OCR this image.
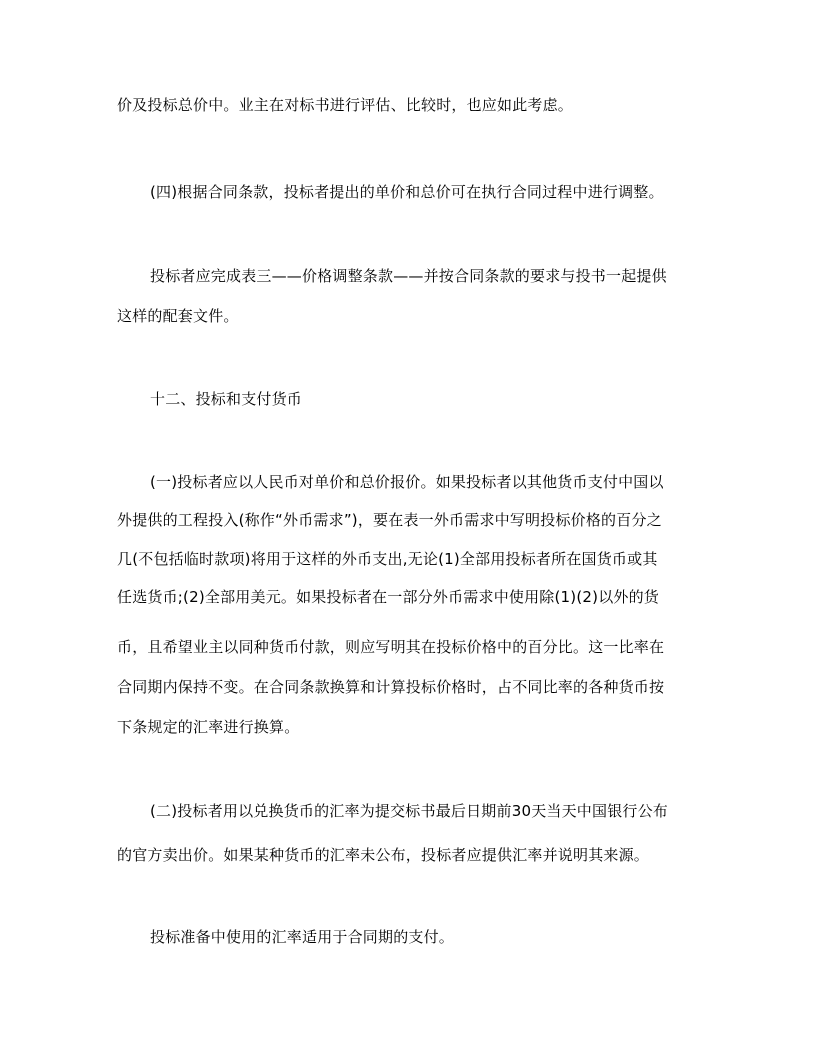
价及投标总价中。业主在对标书进行评估、比较时，也应如此考虑。
(四)根据合同条款，投标者提出的单价和总价可在执行合同过程中进行调整。
投标者应完成表三——价格调整条款——并按合同条款的要求与投书一起提供
这样的配套文件。
十二、投标和支付货币
(一)投标者应以人民币对单价和总价报价。如果投标者以其他货币支付中国以
外提供的工程投入(称作“外币需求”)，要在表一外币需求中写明投标价格的百分之
几(不包括临时款项)将用于这样的外币支出,无论(1)全部用投标者所在国货币或其
任选货币;(2)全部用美元。如果投标者在一部分外币需求中使用除(1)(2)以外的货
币，且希望业主以同种货币付款，则应写明其在投标价格中的百分比。这一比率在
合同期内保持不变。在合同条款换算和计算投标价格时，占不同比率的各种货币按
下条规定的汇率进行换算。
(二)投标者用以兑换货币的汇率为提交标书最后日期前30天当天中国银行公布
的官方卖出价。如果某种货币的汇率未公布，投标者应提供汇率并说明其来源。
投标准备中使用的汇率适用于合同期的支付。
